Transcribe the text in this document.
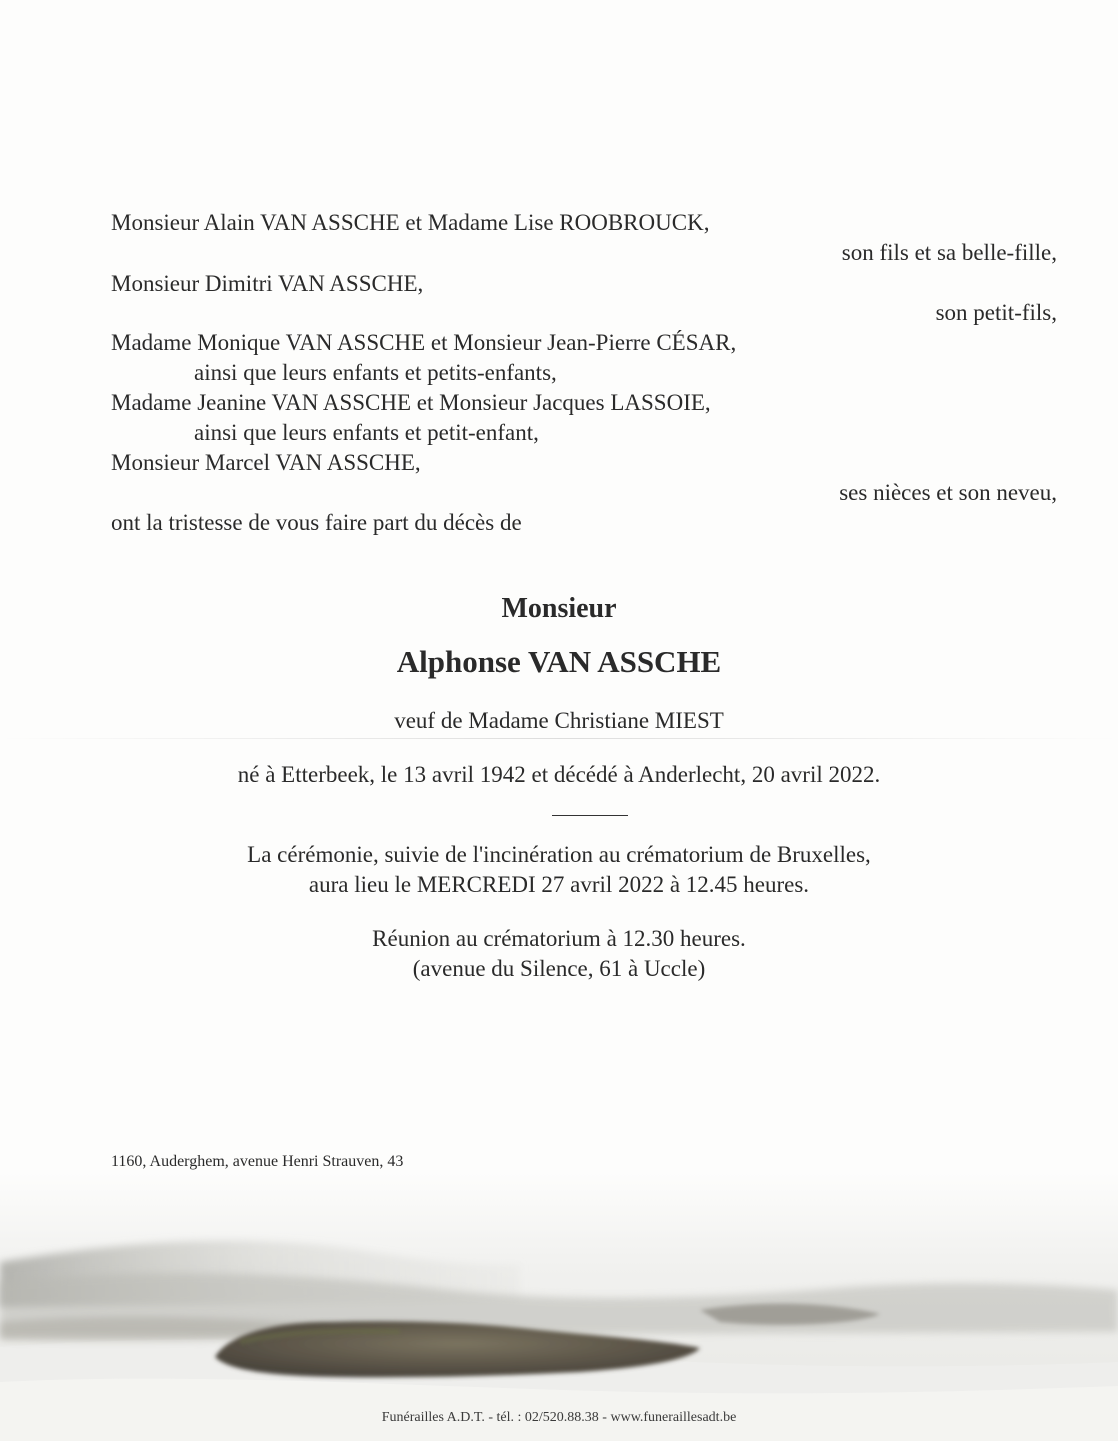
Monsieur Alain VAN ASSCHE et Madame Lise ROOBROUCK,
son fils et sa belle-fille,
Monsieur Dimitri VAN ASSCHE,
son petit-fils,
Madame Monique VAN ASSCHE et Monsieur Jean-Pierre CÉSAR,
ainsi que leurs enfants et petits-enfants,
Madame Jeanine VAN ASSCHE et Monsieur Jacques LASSOIE,
ainsi que leurs enfants et petit-enfant,
Monsieur Marcel VAN ASSCHE,
ses nièces et son neveu,
ont la tristesse de vous faire part du décès de
Monsieur
Alphonse VAN ASSCHE
veuf de Madame Christiane MIEST
né à Etterbeek, le 13 avril 1942 et décédé à Anderlecht, 20 avril 2022.
La cérémonie, suivie de l'incinération au crématorium de Bruxelles,
aura lieu le MERCREDI 27 avril 2022 à 12.45 heures.
Réunion au crématorium à 12.30 heures.
(avenue du Silence, 61 à Uccle)
1160, Auderghem, avenue Henri Strauven, 43
Funérailles A.D.T. - tél. : 02/520.88.38 - www.funeraillesadt.be
